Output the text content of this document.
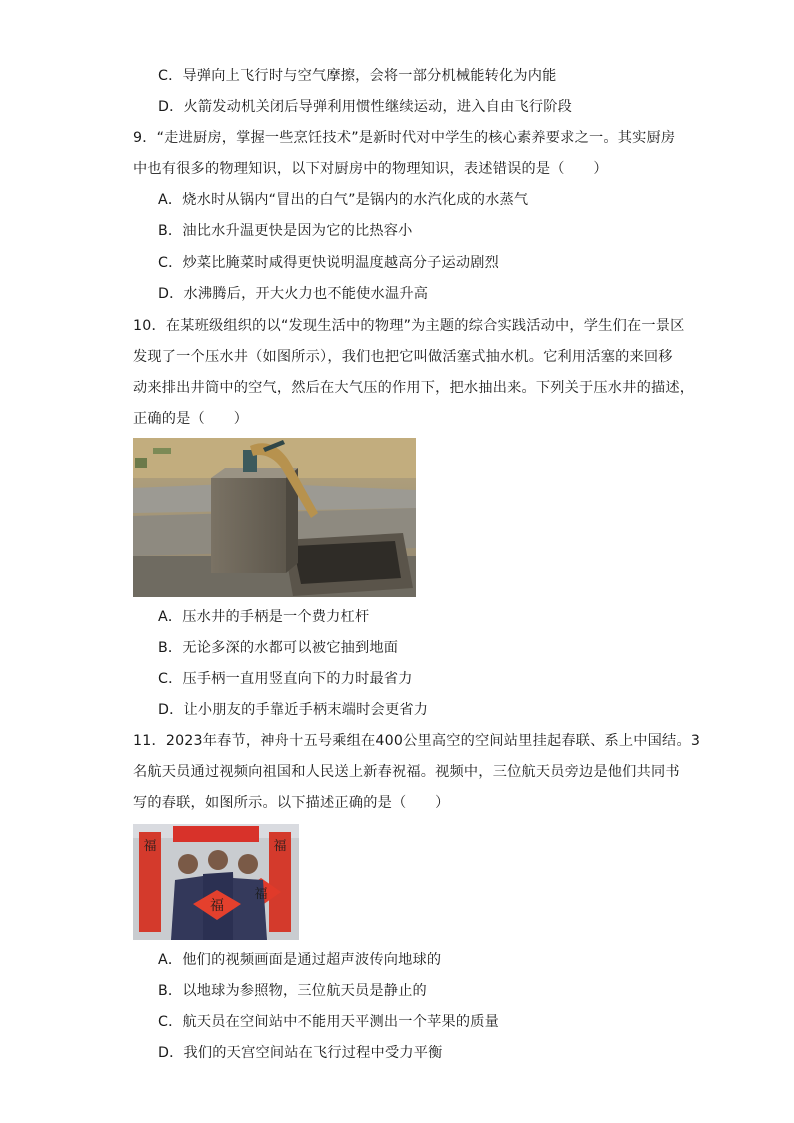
C．导弹向上飞行时与空气摩擦，会将一部分机械能转化为内能
D．火箭发动机关闭后导弹利用惯性继续运动，进入自由飞行阶段
9．“走进厨房，掌握一些烹饪技术”是新时代对中学生的核心素养要求之一。其实厨房
中也有很多的物理知识，以下对厨房中的物理知识，表述错误的是（　　）
A．烧水时从锅内“冒出的白气”是锅内的水汽化成的水蒸气
B．油比水升温更快是因为它的比热容小
C．炒菜比腌菜时咸得更快说明温度越高分子运动剧烈
D．水沸腾后，开大火力也不能使水温升高
10．在某班级组织的以“发现生活中的物理”为主题的综合实践活动中，学生们在一景区
发现了一个压水井（如图所示），我们也把它叫做活塞式抽水机。它利用活塞的来回移
动来排出井筒中的空气，然后在大气压的作用下，把水抽出来。下列关于压水井的描述，
正确的是（　　）
A．压水井的手柄是一个费力杠杆
B．无论多深的水都可以被它抽到地面
C．压手柄一直用竖直向下的力时最省力
D．让小朋友的手靠近手柄末端时会更省力
11．2023年春节，神舟十五号乘组在400公里高空的空间站里挂起春联、系上中国结。3
名航天员通过视频向祖国和人民送上新春祝福。视频中，三位航天员旁边是他们共同书
写的春联，如图所示。以下描述正确的是（　　）
福	福
福
福
A．他们的视频画面是通过超声波传向地球的
B．以地球为参照物，三位航天员是静止的
C．航天员在空间站中不能用天平测出一个苹果的质量
D．我们的天宫空间站在飞行过程中受力平衡
